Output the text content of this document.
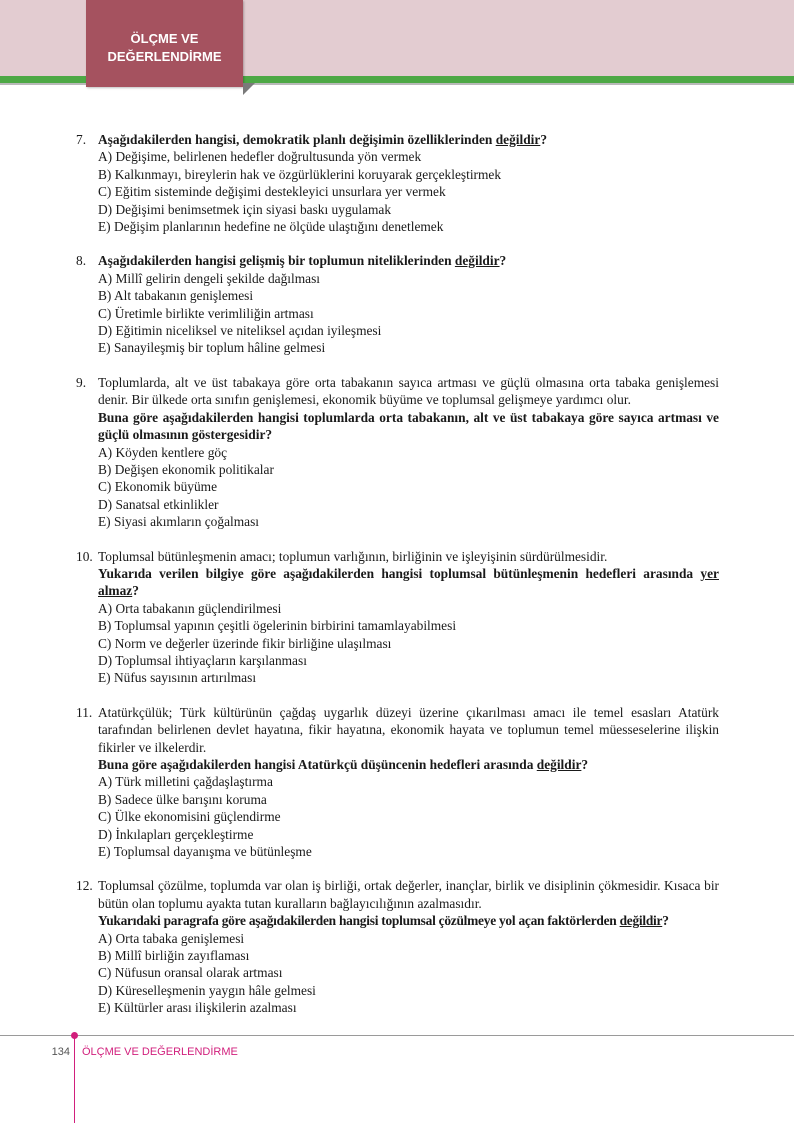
ÖLÇME VE
DEĞERLENDİRME
7. Aşağıdakilerden hangisi, demokratik planlı değişimin özelliklerinden değildir?
A) Değişime, belirlenen hedefler doğrultusunda yön vermek
B) Kalkınmayı, bireylerin hak ve özgürlüklerini koruyarak gerçekleştirmek
C) Eğitim sisteminde değişimi destekleyici unsurlara yer vermek
D) Değişimi benimsetmek için siyasi baskı uygulamak
E) Değişim planlarının hedefine ne ölçüde ulaştığını denetlemek
8. Aşağıdakilerden hangisi gelişmiş bir toplumun niteliklerinden değildir?
A) Millî gelirin dengeli şekilde dağılması
B) Alt tabakanın genişlemesi
C) Üretimle birlikte verimliliğin artması
D) Eğitimin niceliksel ve niteliksel açıdan iyileşmesi
E) Sanayileşmiş bir toplum hâline gelmesi
9. Toplumlarda, alt ve üst tabakaya göre orta tabakanın sayıca artması ve güçlü olmasına orta tabaka genişlemesi denir. Bir ülkede orta sınıfın genişlemesi, ekonomik büyüme ve toplumsal gelişmeye yardımcı olur.
Buna göre aşağıdakilerden hangisi toplumlarda orta tabakanın, alt ve üst tabakaya göre sayıca artması ve güçlü olmasının göstergesidir?
A) Köyden kentlere göç
B) Değişen ekonomik politikalar
C) Ekonomik büyüme
D) Sanatsal etkinlikler
E) Siyasi akımların çoğalması
10. Toplumsal bütünleşmenin amacı; toplumun varlığının, birliğinin ve işleyişinin sürdürülmesidir.
Yukarıda verilen bilgiye göre aşağıdakilerden hangisi toplumsal bütünleşmenin hedefleri arasında yer almaz?
A) Orta tabakanın güçlendirilmesi
B) Toplumsal yapının çeşitli ögelerinin birbirini tamamlayabilmesi
C) Norm ve değerler üzerinde fikir birliğine ulaşılması
D) Toplumsal ihtiyaçların karşılanması
E) Nüfus sayısının artırılması
11. Atatürkçülük; Türk kültürünün çağdaş uygarlık düzeyi üzerine çıkarılması amacı ile temel esasları Atatürk tarafından belirlenen devlet hayatına, fikir hayatına, ekonomik hayata ve toplumun temel müesseselerine ilişkin fikirler ve ilkelerdir.
Buna göre aşağıdakilerden hangisi Atatürkçü düşüncenin hedefleri arasında değildir?
A) Türk milletini çağdaşlaştırma
B) Sadece ülke barışını koruma
C) Ülke ekonomisini güçlendirme
D) İnkılapları gerçekleştirme
E) Toplumsal dayanışma ve bütünleşme
12. Toplumsal çözülme, toplumda var olan iş birliği, ortak değerler, inançlar, birlik ve disiplinin çökmesidir. Kısaca bir bütün olan toplumu ayakta tutan kuralların bağlayıcılığının azalmasıdır.
Yukarıdaki paragrafa göre aşağıdakilerden hangisi toplumsal çözülmeye yol açan faktörlerden değildir?
A) Orta tabaka genişlemesi
B) Millî birliğin zayıflaması
C) Nüfusun oransal olarak artması
D) Küreselleşmenin yaygın hâle gelmesi
E) Kültürler arası ilişkilerin azalması
134 ÖLÇME VE DEĞERLENDİRME
